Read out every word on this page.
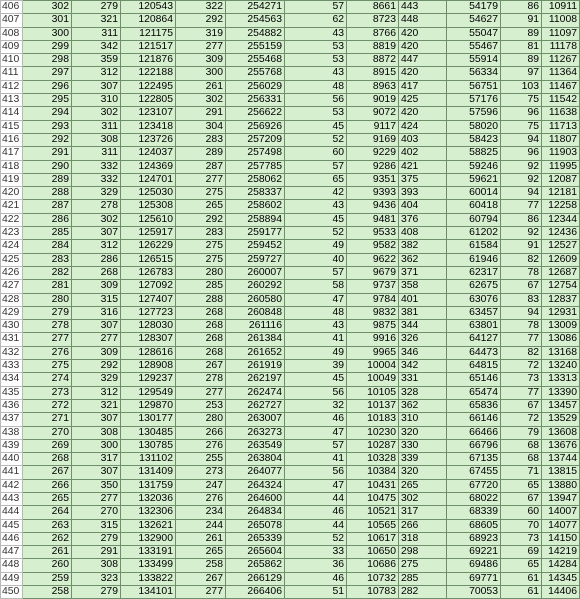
406	302	279	120543	322	254271	57	8661	443	54179	86	10911
407	301	321	120864	292	254563	62	8723	448	54627	91	11008
408	300	311	121175	319	254882	43	8766	420	55047	89	11097
409	299	342	121517	277	255159	53	8819	420	55467	81	11178
410	298	359	121876	309	255468	53	8872	447	55914	89	11267
411	297	312	122188	300	255768	43	8915	420	56334	97	11364
412	296	307	122495	261	256029	48	8963	417	56751	103	11467
413	295	310	122805	302	256331	56	9019	425	57176	75	11542
414	294	302	123107	291	256622	53	9072	420	57596	96	11638
415	293	311	123418	304	256926	45	9117	424	58020	75	11713
416	292	308	123726	283	257209	52	9169	403	58423	94	11807
417	291	311	124037	289	257498	60	9229	402	58825	96	11903
418	290	332	124369	287	257785	57	9286	421	59246	92	11995
419	289	332	124701	277	258062	65	9351	375	59621	92	12087
420	288	329	125030	275	258337	42	9393	393	60014	94	12181
421	287	278	125308	265	258602	43	9436	404	60418	77	12258
422	286	302	125610	292	258894	45	9481	376	60794	86	12344
423	285	307	125917	283	259177	52	9533	408	61202	92	12436
424	284	312	126229	275	259452	49	9582	382	61584	91	12527
425	283	286	126515	275	259727	40	9622	362	61946	82	12609
426	282	268	126783	280	260007	57	9679	371	62317	78	12687
427	281	309	127092	285	260292	58	9737	358	62675	67	12754
428	280	315	127407	288	260580	47	9784	401	63076	83	12837
429	279	316	127723	268	260848	48	9832	381	63457	94	12931
430	278	307	128030	268	261116	43	9875	344	63801	78	13009
431	277	277	128307	268	261384	41	9916	326	64127	77	13086
432	276	309	128616	268	261652	49	9965	346	64473	82	13168
433	275	292	128908	267	261919	39	10004	342	64815	72	13240
434	274	329	129237	278	262197	45	10049	331	65146	73	13313
435	273	312	129549	277	262474	56	10105	328	65474	77	13390
436	272	321	129870	253	262727	32	10137	362	65836	67	13457
437	271	307	130177	280	263007	46	10183	310	66146	72	13529
438	270	308	130485	266	263273	47	10230	320	66466	79	13608
439	269	300	130785	276	263549	57	10287	330	66796	68	13676
440	268	317	131102	255	263804	41	10328	339	67135	68	13744
441	267	307	131409	273	264077	56	10384	320	67455	71	13815
442	266	350	131759	247	264324	47	10431	265	67720	65	13880
443	265	277	132036	276	264600	44	10475	302	68022	67	13947
444	264	270	132306	234	264834	46	10521	317	68339	60	14007
445	263	315	132621	244	265078	44	10565	266	68605	70	14077
446	262	279	132900	261	265339	52	10617	318	68923	73	14150
447	261	291	133191	265	265604	33	10650	298	69221	69	14219
448	260	308	133499	258	265862	36	10686	275	69486	65	14284
449	259	323	133822	267	266129	46	10732	285	69771	61	14345
450	258	279	134101	277	266406	51	10783	282	70053	61	14406
